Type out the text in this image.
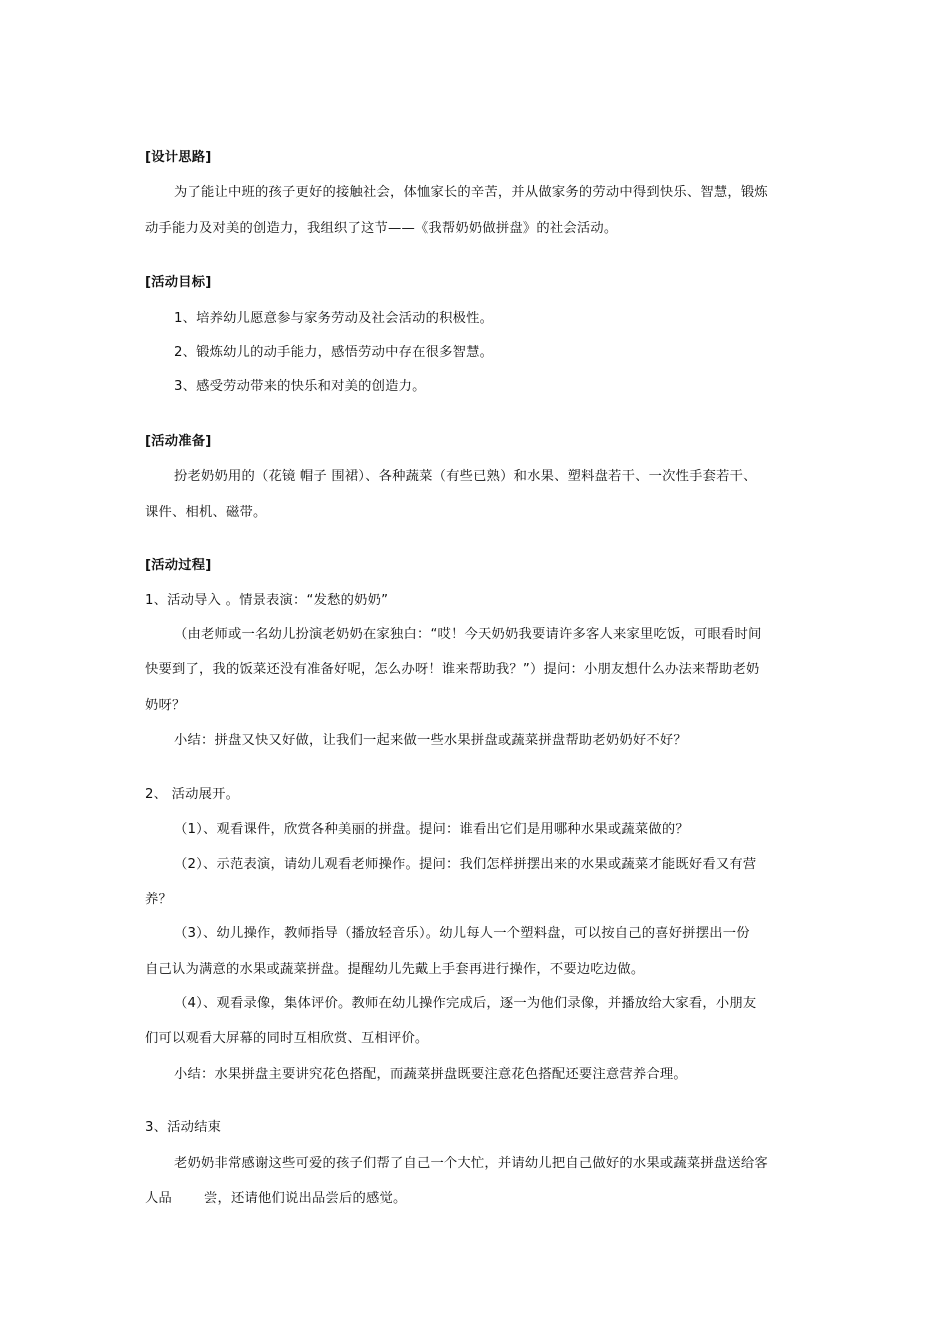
[设计思路]
为了能让中班的孩子更好的接触社会，体恤家长的辛苦，并从做家务的劳动中得到快乐、智慧，锻炼
动手能力及对美的创造力，我组织了这节——《我帮奶奶做拼盘》的社会活动。
[活动目标]
1、培养幼儿愿意参与家务劳动及社会活动的积极性。
2、锻炼幼儿的动手能力，感悟劳动中存在很多智慧。
3、感受劳动带来的快乐和对美的创造力。
[活动准备]
扮老奶奶用的（花镜 帽子 围裙）、各种蔬菜（有些已熟）和水果、塑料盘若干、一次性手套若干、
课件、相机、磁带。
[活动过程]
1、活动导入 。情景表演：“发愁的奶奶”
（由老师或一名幼儿扮演老奶奶在家独白：“哎！今天奶奶我要请许多客人来家里吃饭，可眼看时间
快要到了，我的饭菜还没有准备好呢，怎么办呀！谁来帮助我？”）提问：小朋友想什么办法来帮助老奶
奶呀？
小结：拼盘又快又好做，让我们一起来做一些水果拼盘或蔬菜拼盘帮助老奶奶好不好？
2、 活动展开。
（1）、观看课件，欣赏各种美丽的拼盘。提问：谁看出它们是用哪种水果或蔬菜做的？
（2）、示范表演，请幼儿观看老师操作。提问：我们怎样拼摆出来的水果或蔬菜才能既好看又有营
养？
（3）、幼儿操作，教师指导（播放轻音乐）。幼儿每人一个塑料盘，可以按自己的喜好拼摆出一份
自己认为满意的水果或蔬菜拼盘。提醒幼儿先戴上手套再进行操作，不要边吃边做。
（4）、观看录像，集体评价。教师在幼儿操作完成后，逐一为他们录像，并播放给大家看，小朋友
们可以观看大屏幕的同时互相欣赏、互相评价。
小结：水果拼盘主要讲究花色搭配，而蔬菜拼盘既要注意花色搭配还要注意营养合理。
3、活动结束
老奶奶非常感谢这些可爱的孩子们帮了自己一个大忙，并请幼儿把自己做好的水果或蔬菜拼盘送给客
人品 尝，还请他们说出品尝后的感觉。
